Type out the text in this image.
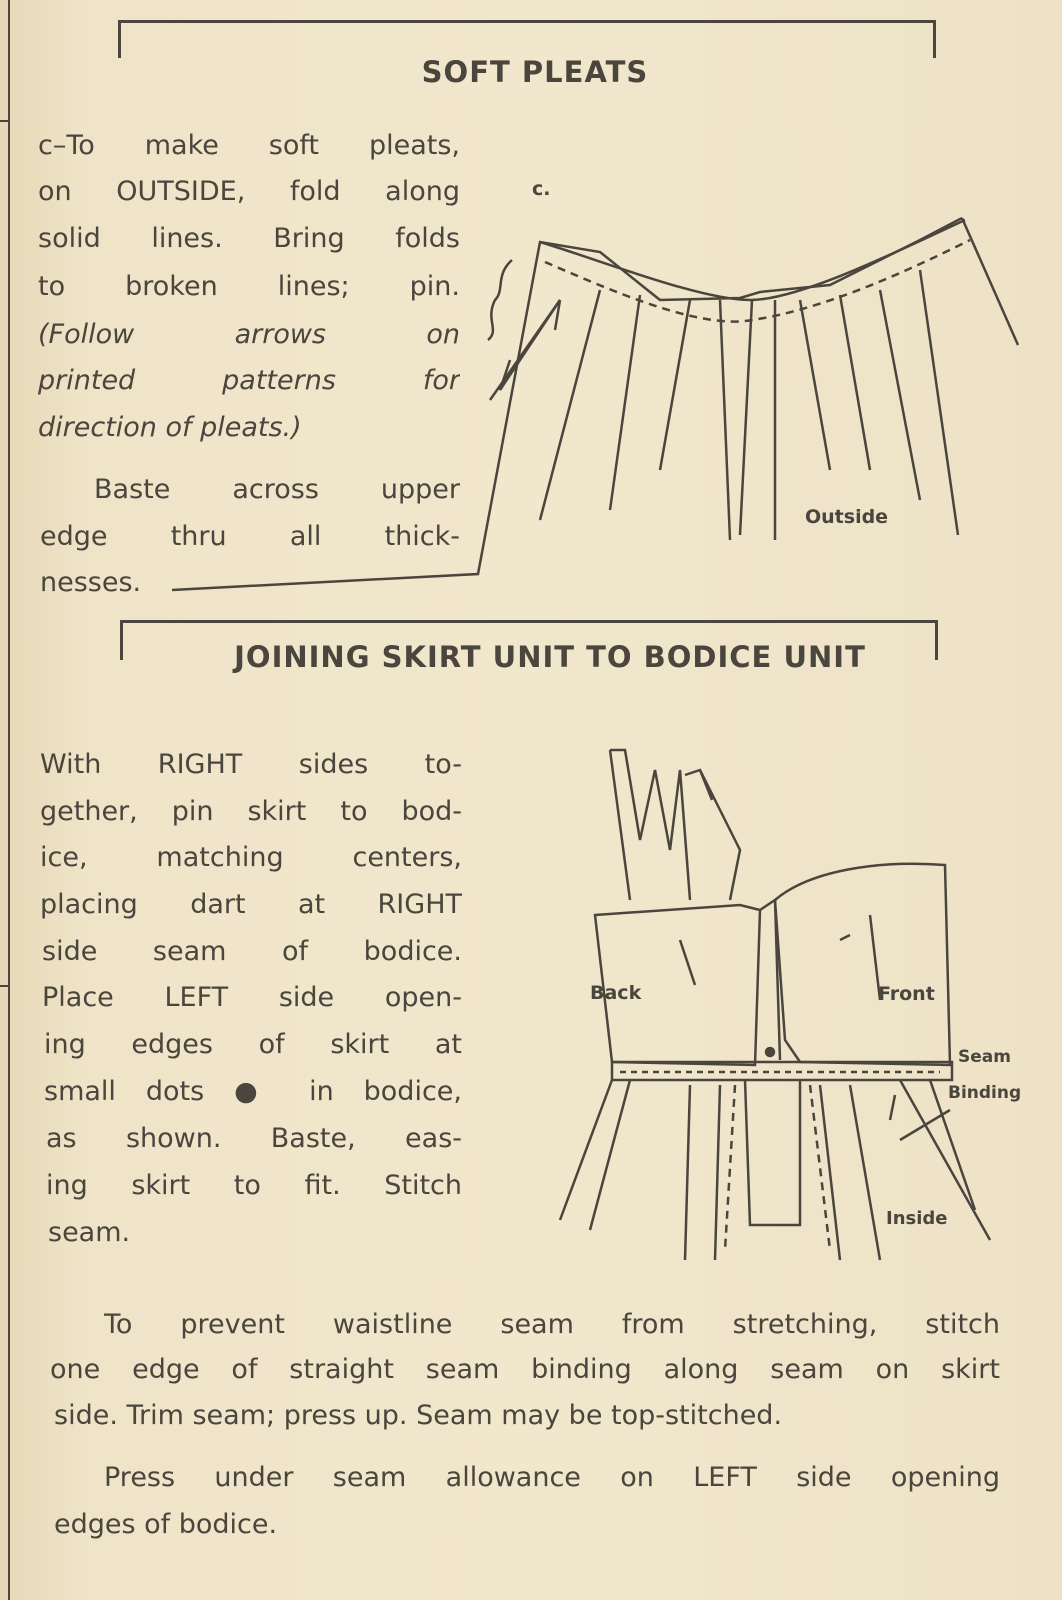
SOFT PLEATS
c–To make soft pleats,
on OUTSIDE, fold along
solid lines. Bring folds
to broken lines; pin.
(Follow arrows on
printed patterns for
direction of pleats.)
Baste across upper
edge thru all thick-
nesses.
c.
Outside
JOINING SKIRT UNIT TO BODICE UNIT
With RIGHT sides to-
gether, pin skirt to bod-
ice, matching centers,
placing dart at RIGHT
side seam of bodice.
Place LEFT side open-
ing edges of skirt at
small dots ● in bodice,
as shown. Baste, eas-
ing skirt to fit. Stitch
seam.
Back	Front
Seam
Binding
Inside
To prevent waistline seam from stretching, stitch
one edge of straight seam binding along seam on skirt
side. Trim seam; press up. Seam may be top-stitched.
Press under seam allowance on LEFT side opening
edges of bodice.
